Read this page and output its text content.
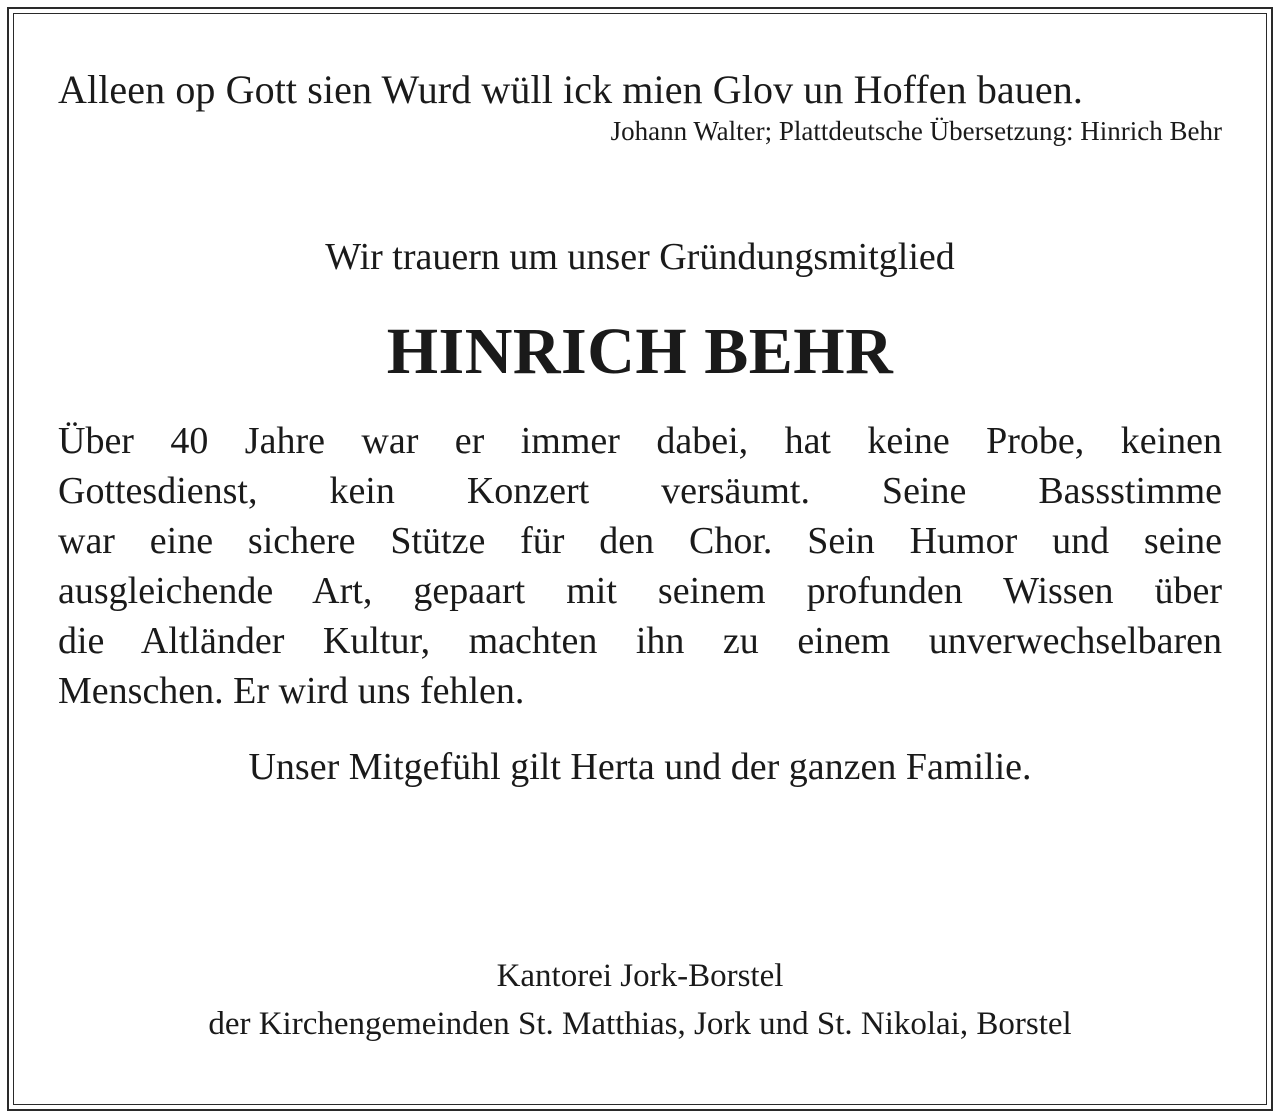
Alleen op Gott sien Wurd wüll ick mien Glov un Hoffen bauen.
Johann Walter; Plattdeutsche Übersetzung: Hinrich Behr
Wir trauern um unser Gründungsmitglied
HINRICH BEHR
Über 40 Jahre war er immer dabei, hat keine Probe, keinen
Gottesdienst, kein Konzert versäumt. Seine Bassstimme
war eine sichere Stütze für den Chor. Sein Humor und seine
ausgleichende Art, gepaart mit seinem profunden Wissen über
die Altländer Kultur, machten ihn zu einem unverwechselbaren
Menschen. Er wird uns fehlen.
Unser Mitgefühl gilt Herta und der ganzen Familie.
Kantorei Jork-Borstel
der Kirchengemeinden St. Matthias, Jork und St. Nikolai, Borstel
